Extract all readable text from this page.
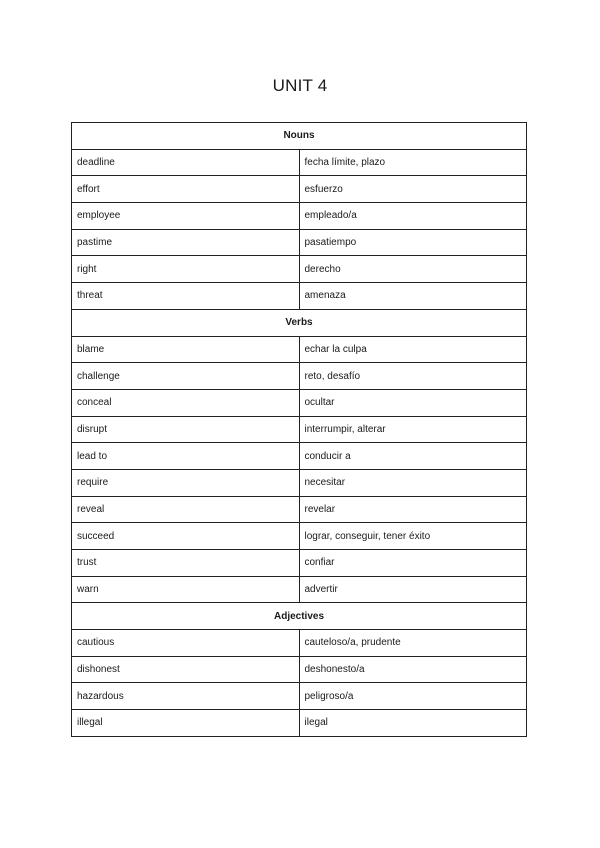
UNIT 4
Nouns	
deadline	fecha límite, plazo
effort	esfuerzo
employee	empleado/a
pastime	pasatiempo
right	derecho
threat	amenaza
Verbs	
blame	echar la culpa
challenge	reto, desafío
conceal	ocultar
disrupt	interrumpir, alterar
lead to	conducir a
require	necesitar
reveal	revelar
succeed	lograr, conseguir, tener éxito
trust	confiar
warn	advertir
Adjectives	
cautious	cauteloso/a, prudente
dishonest	deshonesto/a
hazardous	peligroso/a
illegal	ilegal
